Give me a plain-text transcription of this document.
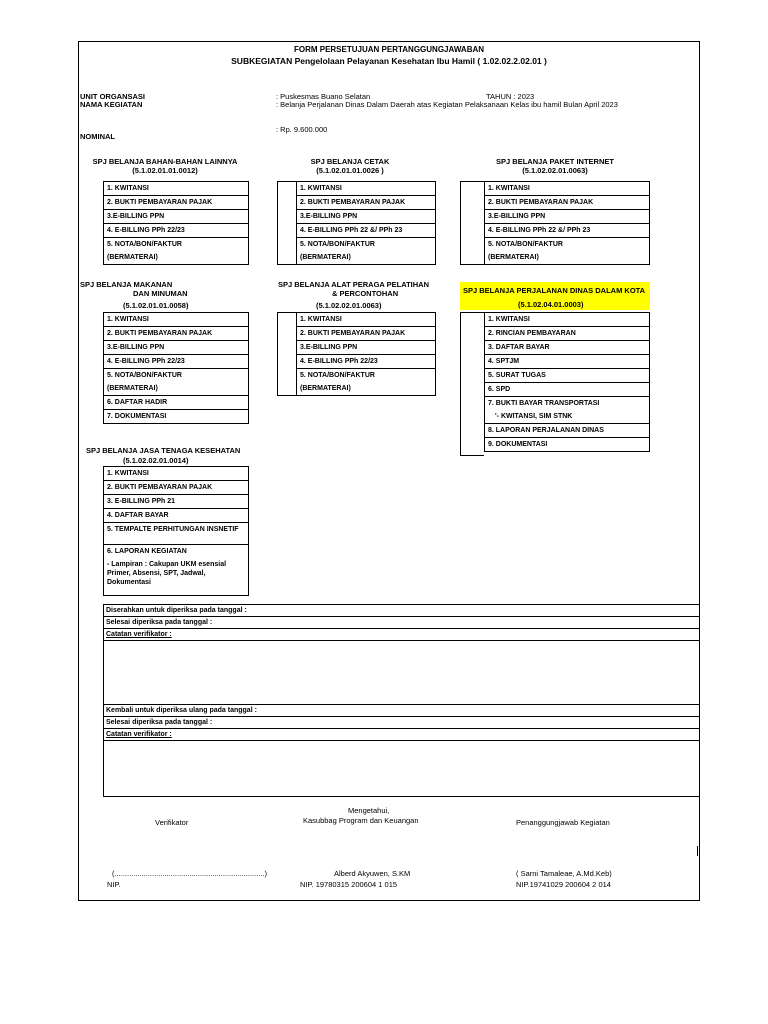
FORM PERSETUJUAN PERTANGGUNGJAWABAN
SUBKEGIATAN Pengelolaan Pelayanan Kesehatan Ibu Hamil ( 1.02.02.2.02.01 )
UNIT ORGANSASI	: Puskesmas Buano Selatan	TAHUN : 2023
NAMA KEGIATAN	: Belanja Perjalanan Dinas Dalam Daerah atas Kegiatan Pelaksanaan Kelas ibu hamil Bulan April 2023
: Rp. 9.600.000
NOMINAL
SPJ BELANJA BAHAN-BAHAN LAINNYA
(5.1.02.01.01.0012)
1. KWITANSI
2. BUKTI PEMBAYARAN PAJAK
3.E-BILLING PPN
4. E-BILLING PPh 22/23
5. NOTA/BON/FAKTUR
(BERMATERAI)
SPJ BELANJA CETAK
(5.1.02.01.01.0026 )
1. KWITANSI
2. BUKTI PEMBAYARAN PAJAK
3.E-BILLING PPN
4. E-BILLING PPh 22 &/ PPh 23
5. NOTA/BON/FAKTUR
(BERMATERAI)
SPJ BELANJA PAKET INTERNET
(5.1.02.02.01.0063)
1. KWITANSI
2. BUKTI PEMBAYARAN PAJAK
3.E-BILLING PPN
4. E-BILLING PPh 22 &/ PPh 23
5. NOTA/BON/FAKTUR
(BERMATERAI)
SPJ BELANJA MAKANAN
DAN MINUMAN
(5.1.02.01.01.0058)
1. KWITANSI
2. BUKTI PEMBAYARAN PAJAK
3.E-BILLING PPN
4. E-BILLING PPh 22/23
5. NOTA/BON/FAKTUR
(BERMATERAI)
6. DAFTAR HADIR
7. DOKUMENTASI
SPJ BELANJA ALAT PERAGA PELATIHAN
& PERCONTOHAN
(5.1.02.02.01.0063)
1. KWITANSI
2. BUKTI PEMBAYARAN PAJAK
3.E-BILLING PPN
4. E-BILLING PPh 22/23
5. NOTA/BON/FAKTUR
(BERMATERAI)
SPJ BELANJA PERJALANAN DINAS DALAM KOTA
(5.1.02.04.01.0003)
1. KWITANSI
2. RINCIAN PEMBAYARAN
3. DAFTAR BAYAR
4. SPTJM
5. SURAT TUGAS
6. SPD
7. BUKTI BAYAR TRANSPORTASI
'- KWITANSI, SIM STNK
8. LAPORAN PERJALANAN DINAS
9. DOKUMENTASI
SPJ BELANJA JASA TENAGA KESEHATAN
(5.1.02.02.01.0014)
1. KWITANSI
2. BUKTI PEMBAYARAN PAJAK
3. E-BILLING PPh 21
4. DAFTAR BAYAR
5. TEMPALTE PERHITUNGAN INSNETIF
6. LAPORAN KEGIATAN
- Lampiran : Cakupan UKM esensial Primer, Absensi, SPT, Jadwal, Dokumentasi
Diserahkan untuk diperiksa pada tanggal :
Selesai diperiksa pada tanggal :
Catatan verifikator :
Kembali untuk diperiksa ulang pada tanggal :
Selesai diperiksa pada tanggal :
Catatan verifikator :
Mengetahui,
Verifikator	Kasubbag Program dan Keuangan	Penanggungjawab Kegiatan
(........................................................................)	Alberd Akyuwen, S.KM	( Sarni Tamaleae, A.Md.Keb)
NIP.	NIP. 19780315 200604 1 015	NIP.19741029 200604 2 014
